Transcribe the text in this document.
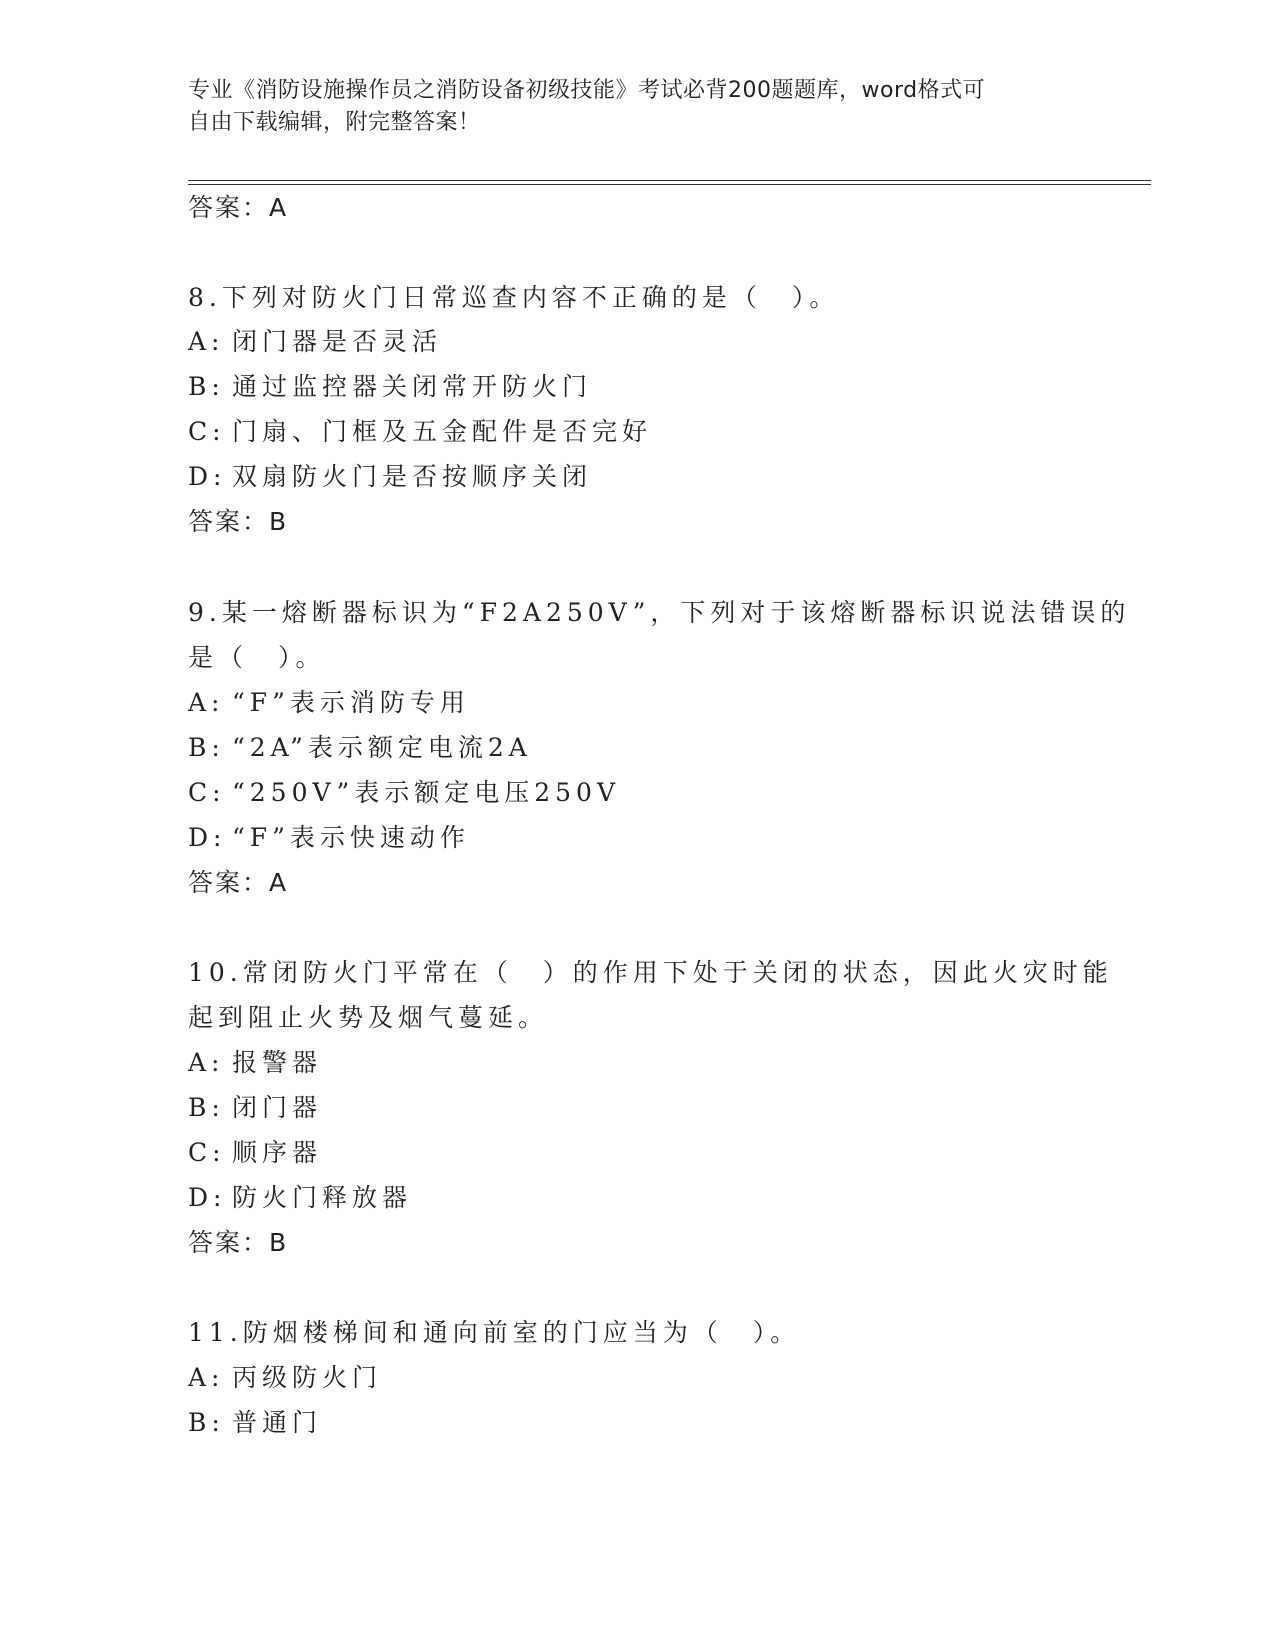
专业《消防设施操作员之消防设备初级技能》考试必背200题题库，word格式可
自由下载编辑，附完整答案！
答案：A
8.下列对防火门日常巡查内容不正确的是（　）。
A: 闭门器是否灵活
B: 通过监控器关闭常开防火门
C: 门扇、门框及五金配件是否完好
D: 双扇防火门是否按顺序关闭
答案：B
9.某一熔断器标识为“F2A250V”，下列对于该熔断器标识说法错误的
是（　）。
A: “F”表示消防专用
B: “2A”表示额定电流2A
C: “250V”表示额定电压250V
D: “F”表示快速动作
答案：A
10.常闭防火门平常在（　）的作用下处于关闭的状态，因此火灾时能
起到阻止火势及烟气蔓延。
A: 报警器
B: 闭门器
C: 顺序器
D: 防火门释放器
答案：B
11.防烟楼梯间和通向前室的门应当为（　）。
A: 丙级防火门
B: 普通门
